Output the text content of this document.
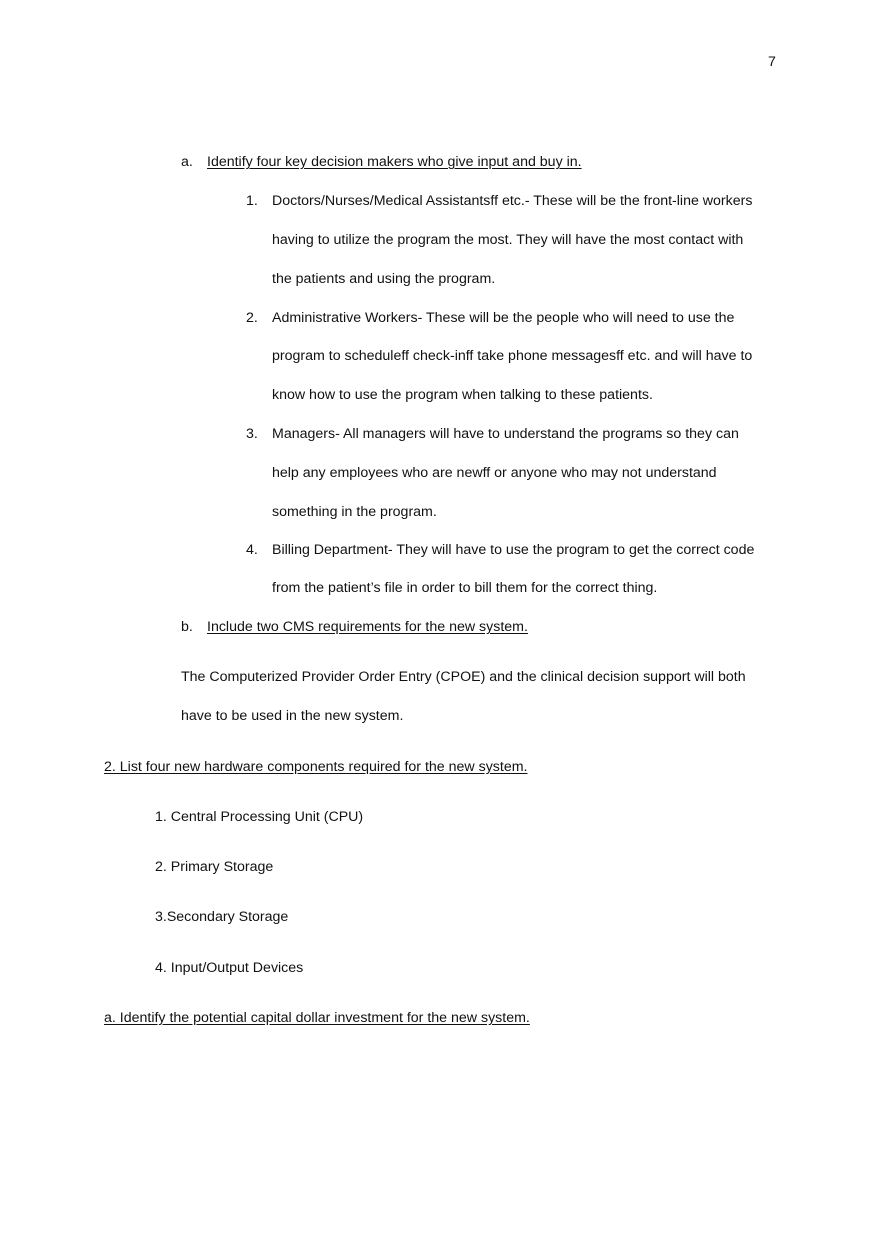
7
a. Identify four key decision makers who give input and buy in.
1. Doctors/Nurses/Medical Assistantsff etc.- These will be the front-line workers
having to utilize the program the most. They will have the most contact with
the patients and using the program.
2. Administrative Workers- These will be the people who will need to use the
program to scheduleff check-inff take phone messagesff etc. and will have to
know how to use the program when talking to these patients.
3. Managers- All managers will have to understand the programs so they can
help any employees who are newff or anyone who may not understand
something in the program.
4. Billing Department- They will have to use the program to get the correct code
from the patient’s file in order to bill them for the correct thing.
b. Include two CMS requirements for the new system.
The Computerized Provider Order Entry (CPOE) and the clinical decision support will both
have to be used in the new system.
2. List four new hardware components required for the new system.
1. Central Processing Unit (CPU)
2. Primary Storage
3.Secondary Storage
4. Input/Output Devices
a. Identify the potential capital dollar investment for the new system.
